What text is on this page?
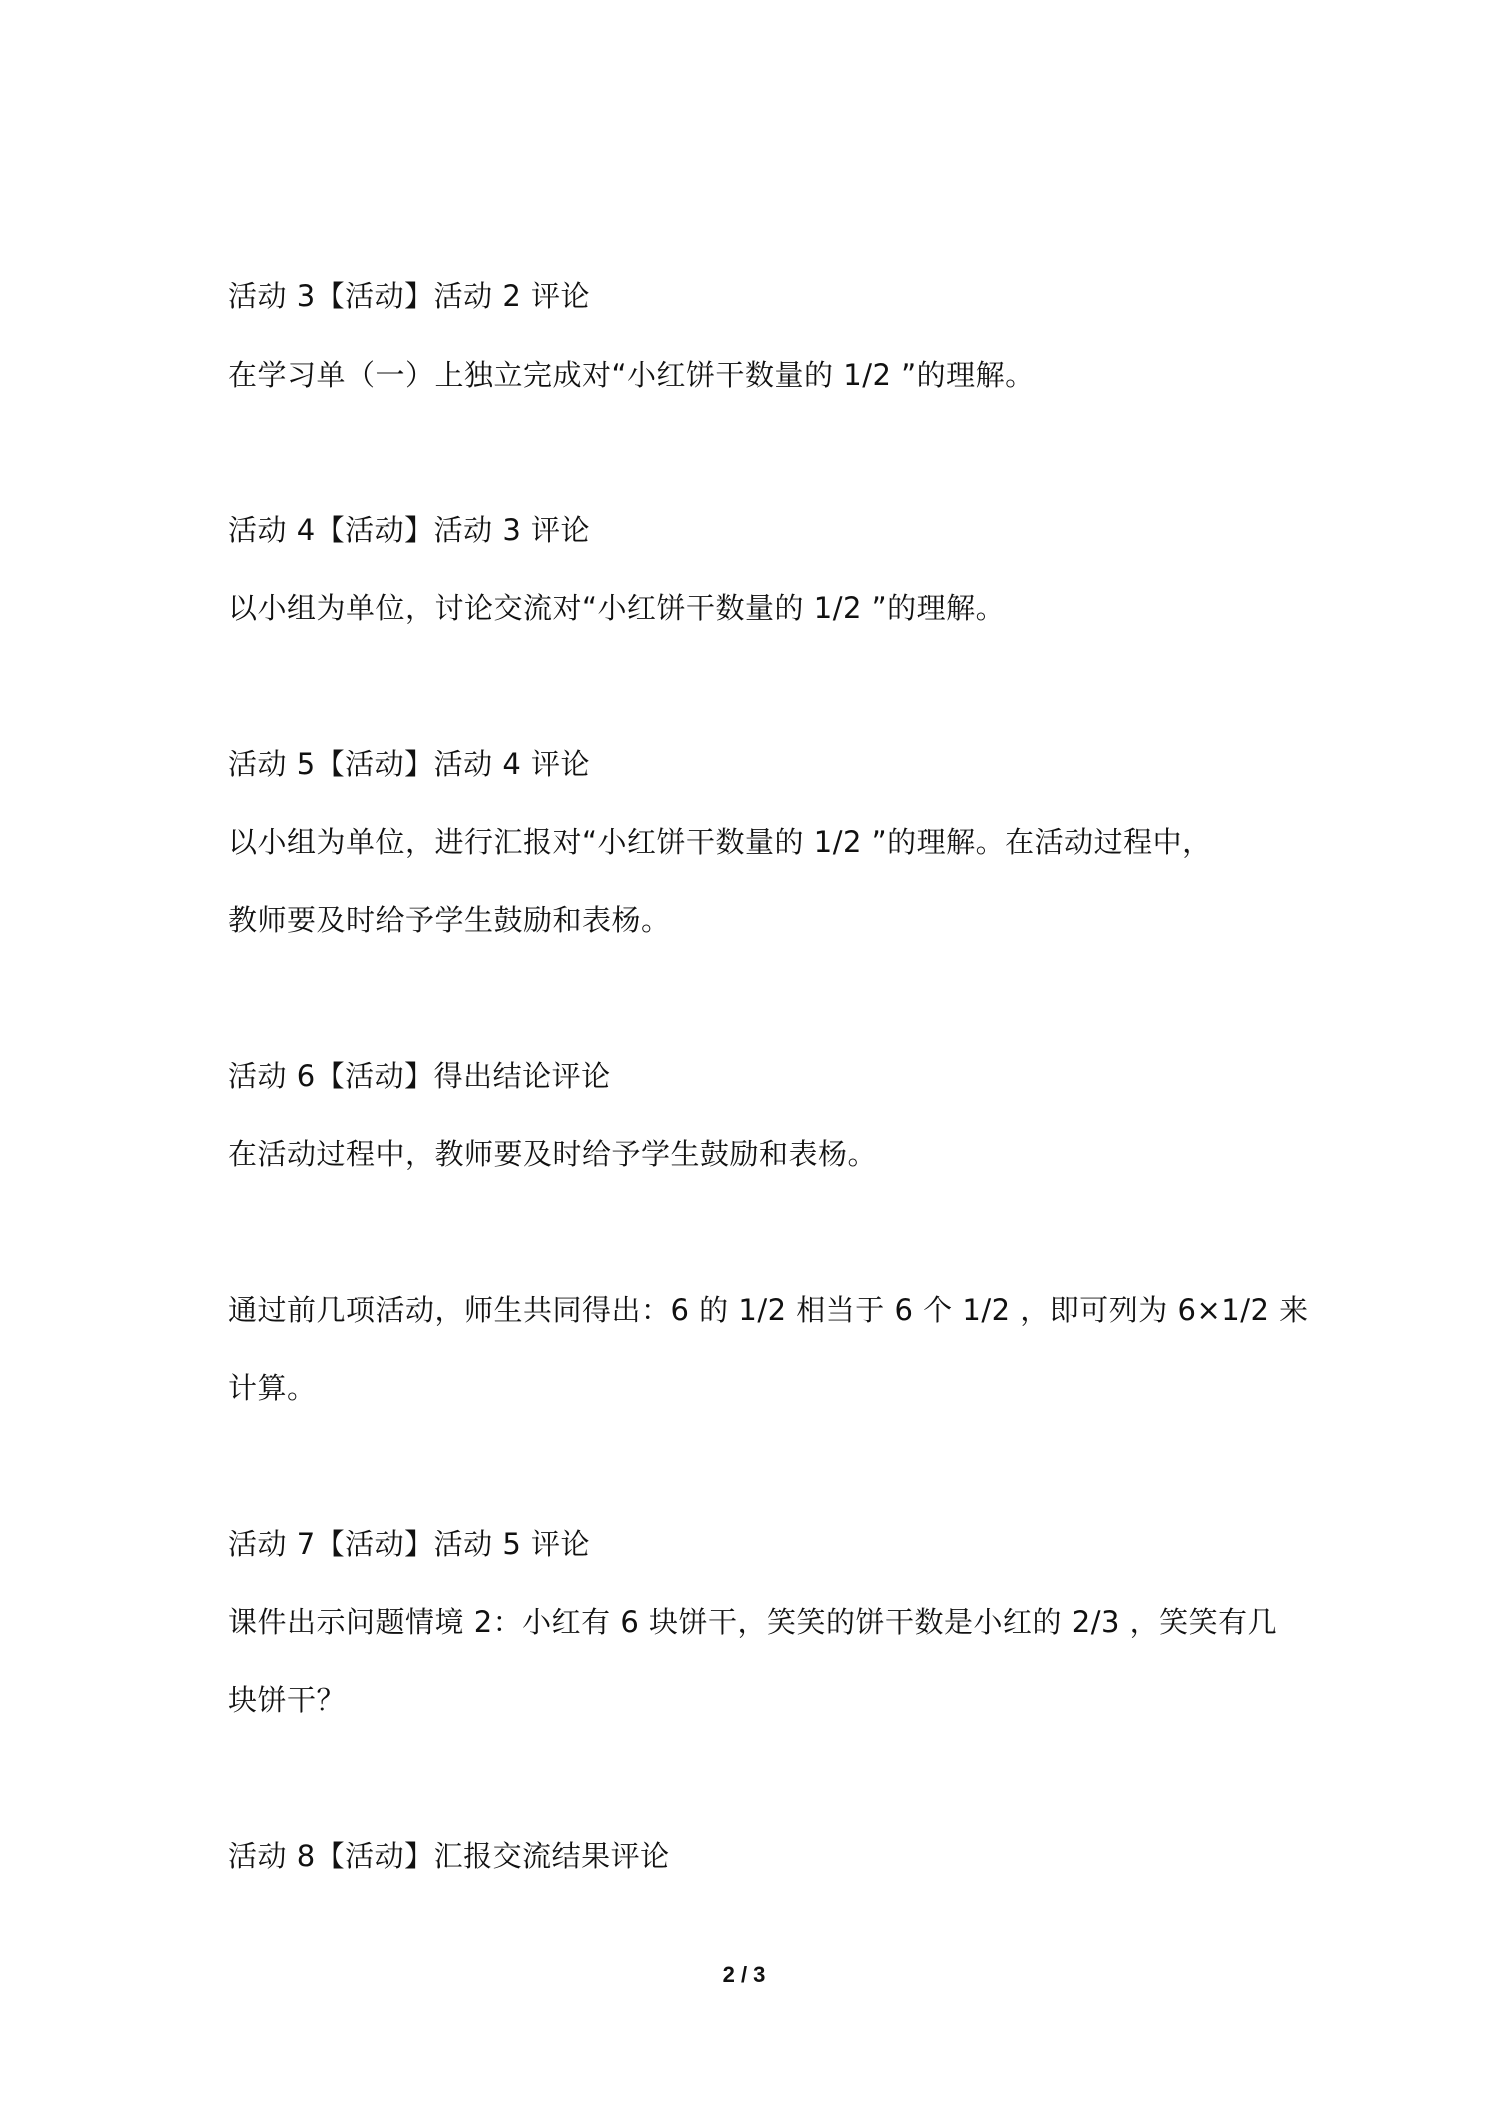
活动 3【活动】活动 2 评论
在学习单（一）上独立完成对“小红饼干数量的 1/2 ”的理解。
活动 4【活动】活动 3 评论
以小组为单位，讨论交流对“小红饼干数量的 1/2 ”的理解。
活动 5【活动】活动 4 评论
以小组为单位，进行汇报对“小红饼干数量的 1/2 ”的理解。在活动过程中，
教师要及时给予学生鼓励和表杨。
活动 6【活动】得出结论评论
在活动过程中，教师要及时给予学生鼓励和表杨。
通过前几项活动，师生共同得出：6 的 1/2 相当于 6 个 1/2 ，即可列为 6×1/2 来
计算。
活动 7【活动】活动 5 评论
课件出示问题情境 2：小红有 6 块饼干，笑笑的饼干数是小红的 2/3 ，笑笑有几
块饼干？
活动 8【活动】汇报交流结果评论
2 / 3
